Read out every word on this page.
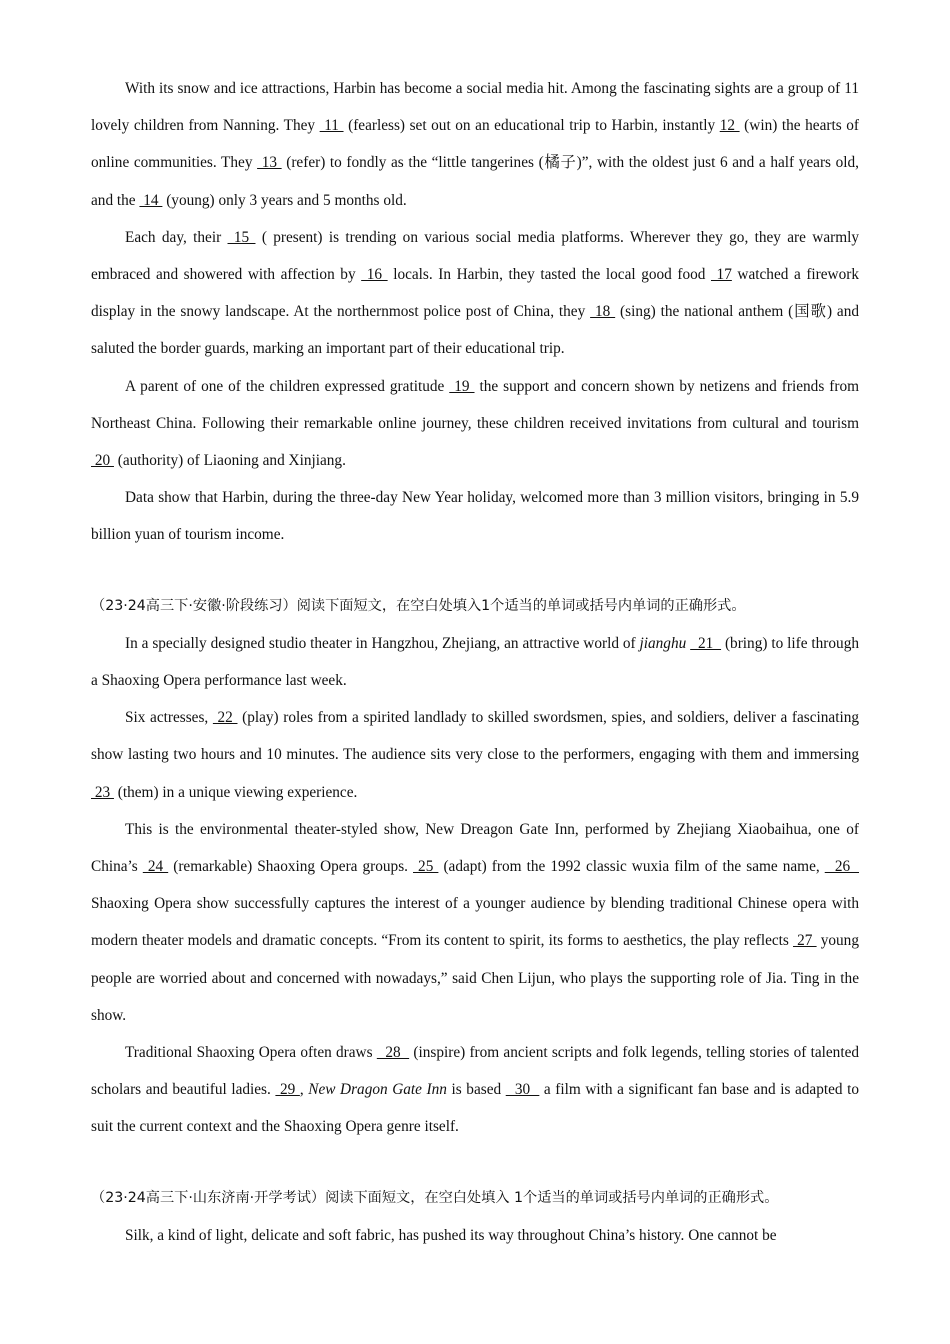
With its snow and ice attractions, Harbin has become a social media hit. Among the fascinating sights are a group of 11 lovely children from Nanning. They  11  (fearless) set out on an educational trip to Harbin, instantly 12  (win) the hearts of online communities. They  13  (refer) to fondly as the “little tangerines (橘子)”, with the oldest just 6 and a half years old, and the  14  (young) only 3 years and 5 months old.

Each day, their  15  ( present) is trending on various social media platforms. Wherever they go, they are warmly embraced and showered with affection by  16  locals. In Harbin, they tasted the local good food  17 watched a firework display in the snowy landscape. At the northernmost police post of China, they  18  (sing) the national anthem (国歌) and saluted the border guards, marking an important part of their educational trip.

A parent of one of the children expressed gratitude  19  the support and concern shown by netizens and friends from Northeast China. Following their remarkable online journey, these children received invitations from cultural and tourism  20  (authority) of Liaoning and Xinjiang.

Data show that Harbin, during the three-day New Year holiday, welcomed more than 3 million visitors, bringing in 5.9 billion yuan of tourism income.

（23·24高三下·安徽·阶段练习）阅读下面短文，在空白处填入1个适当的单词或括号内单词的正确形式。

In a specially designed studio theater in Hangzhou, Zhejiang, an attractive world of jianghu   21   (bring) to life through a Shaoxing Opera performance last week.

Six actresses,  22  (play) roles from a spirited landlady to skilled swordsmen, spies, and soldiers, deliver a fascinating show lasting two hours and 10 minutes. The audience sits very close to the performers, engaging with them and immersing  23  (them) in a unique viewing experience.

This is the environmental theater-styled show, New Dreagon Gate Inn, performed by Zhejiang Xiaobaihua, one of China’s  24  (remarkable) Shaoxing Opera groups.  25  (adapt) from the 1992 classic wuxia film of the same name,   26   Shaoxing Opera show successfully captures the interest of a younger audience by blending traditional Chinese opera with modern theater models and dramatic concepts. “From its content to spirit, its forms to aesthetics, the play reflects  27  young people are worried about and concerned with nowadays,” said Chen Lijun, who plays the supporting role of Jia. Ting in the show.

Traditional Shaoxing Opera often draws   28   (inspire) from ancient scripts and folk legends, telling stories of talented scholars and beautiful ladies.  29 , New Dragon Gate Inn is based   30   a film with a significant fan base and is adapted to suit the current context and the Shaoxing Opera genre itself.

（23·24高三下·山东济南·开学考试）阅读下面短文，在空白处填入 1个适当的单词或括号内单词的正确形式。

Silk, a kind of light, delicate and soft fabric, has pushed its way throughout China’s history. One cannot be
